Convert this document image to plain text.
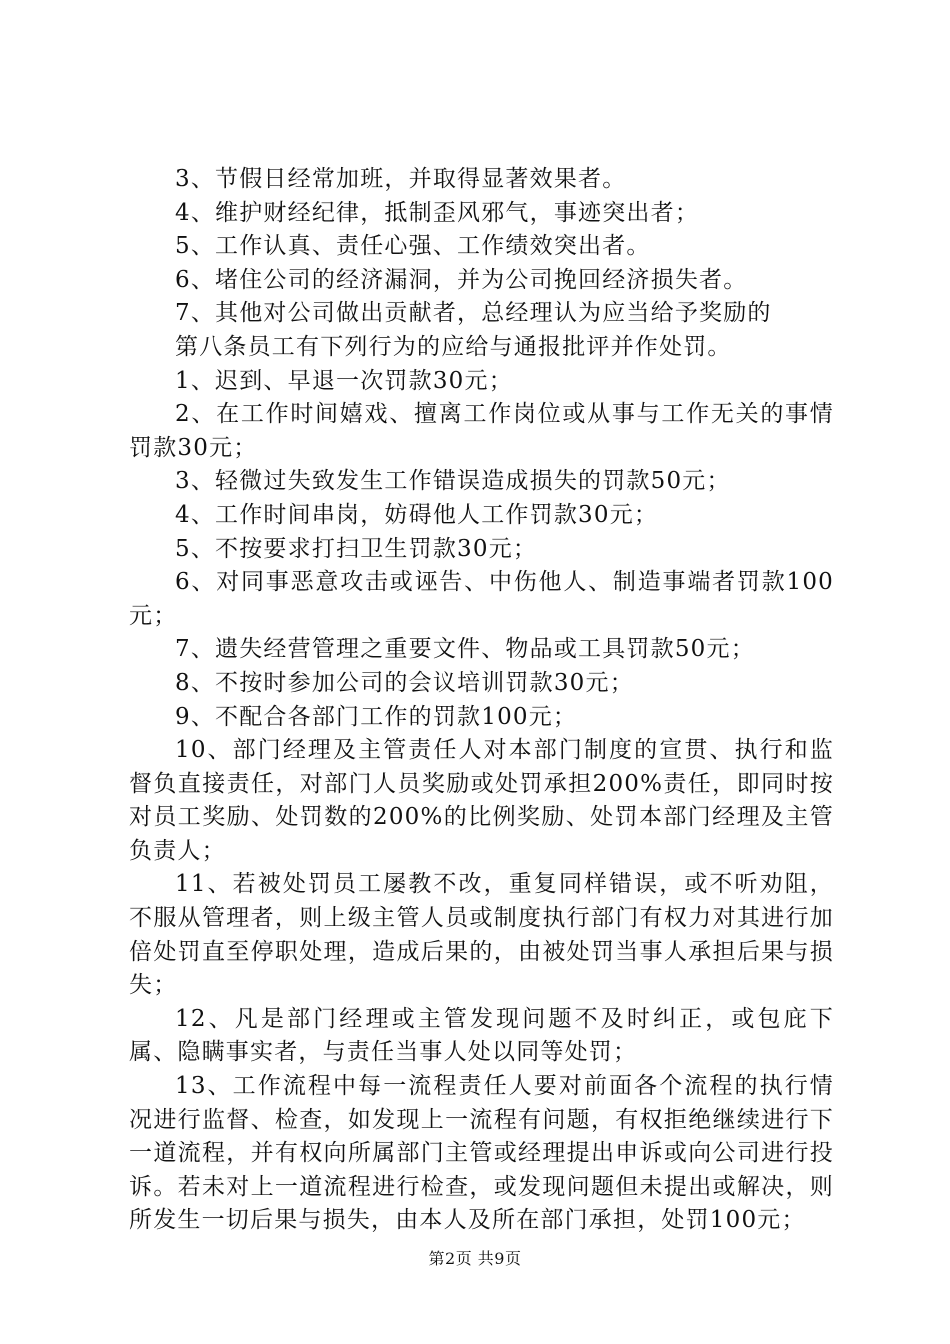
3、节假日经常加班，并取得显著效果者。

4、维护财经纪律，抵制歪风邪气，事迹突出者；

5、工作认真、责任心强、工作绩效突出者。

6、堵住公司的经济漏洞，并为公司挽回经济损失者。

7、其他对公司做出贡献者，总经理认为应当给予奖励的

第八条员工有下列行为的应给与通报批评并作处罚。

1、迟到、早退一次罚款30元；

2、在工作时间嬉戏、擅离工作岗位或从事与工作无关的事情罚款30元；

3、轻微过失致发生工作错误造成损失的罚款50元；

4、工作时间串岗，妨碍他人工作罚款30元；

5、不按要求打扫卫生罚款30元；

6、对同事恶意攻击或诬告、中伤他人、制造事端者罚款100元；

7、遗失经营管理之重要文件、物品或工具罚款50元；

8、不按时参加公司的会议培训罚款30元；

9、不配合各部门工作的罚款100元；

10、部门经理及主管责任人对本部门制度的宣贯、执行和监督负直接责任，对部门人员奖励或处罚承担200%责任，即同时按对员工奖励、处罚数的200%的比例奖励、处罚本部门经理及主管负责人；

11、若被处罚员工屡教不改，重复同样错误，或不听劝阻，不服从管理者，则上级主管人员或制度执行部门有权力对其进行加倍处罚直至停职处理，造成后果的，由被处罚当事人承担后果与损失；

12、凡是部门经理或主管发现问题不及时纠正，或包庇下属、隐瞒事实者，与责任当事人处以同等处罚；

13、工作流程中每一流程责任人要对前面各个流程的执行情况进行监督、检查，如发现上一流程有问题，有权拒绝继续进行下一道流程，并有权向所属部门主管或经理提出申诉或向公司进行投诉。若未对上一道流程进行检查，或发现问题但未提出或解决，则所发生一切后果与损失，由本人及所在部门承担，处罚100元；

第2页 共9页
